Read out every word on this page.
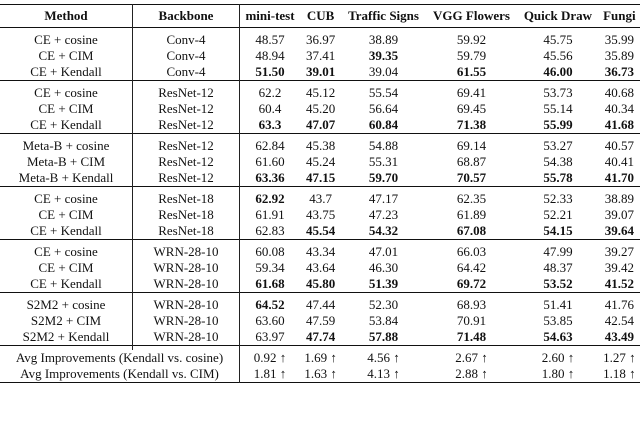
Method	Backbone	mini-test	CUB	Traffic Signs	VGG Flowers	Quick Draw	Fungi

CE + cosine	Conv-4	48.57	36.97	38.89	59.92	45.75	35.99
CE + CIM	Conv-4	48.94	37.41	39.35	59.79	45.56	35.89
CE + Kendall	Conv-4	51.50	39.01	39.04	61.55	46.00	36.73

CE + cosine	ResNet-12	62.2	45.12	55.54	69.41	53.73	40.68
CE + CIM	ResNet-12	60.4	45.20	56.64	69.45	55.14	40.34
CE + Kendall	ResNet-12	63.3	47.07	60.84	71.38	55.99	41.68

Meta-B + cosine	ResNet-12	62.84	45.38	54.88	69.14	53.27	40.57
Meta-B + CIM	ResNet-12	61.60	45.24	55.31	68.87	54.38	40.41
Meta-B + Kendall	ResNet-12	63.36	47.15	59.70	70.57	55.78	41.70

CE + cosine	ResNet-18	62.92	43.7	47.17	62.35	52.33	38.89
CE + CIM	ResNet-18	61.91	43.75	47.23	61.89	52.21	39.07
CE + Kendall	ResNet-18	62.83	45.54	54.32	67.08	54.15	39.64

CE + cosine	WRN-28-10	60.08	43.34	47.01	66.03	47.99	39.27
CE + CIM	WRN-28-10	59.34	43.64	46.30	64.42	48.37	39.42
CE + Kendall	WRN-28-10	61.68	45.80	51.39	69.72	53.52	41.52

S2M2 + cosine	WRN-28-10	64.52	47.44	52.30	68.93	51.41	41.76
S2M2 + CIM	WRN-28-10	63.60	47.59	53.84	70.91	53.85	42.54
S2M2 + Kendall	WRN-28-10	63.97	47.74	57.88	71.48	54.63	43.49

Avg Improvements (Kendall vs. cosine)		0.92 ↑	1.69 ↑	4.56 ↑	2.67 ↑	2.60 ↑	1.27 ↑
Avg Improvements (Kendall vs. CIM)		1.81 ↑	1.63 ↑	4.13 ↑	2.88 ↑	1.80 ↑	1.18 ↑
